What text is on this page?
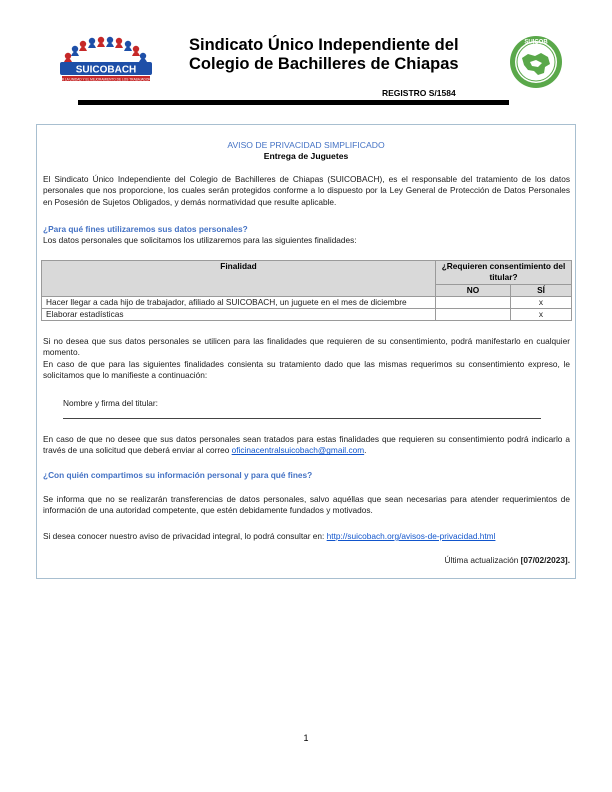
SUICOBACH
"POR LA UNIDAD Y EL MEJORAMIENTO DE LOS TRABAJADORES"
Sindicato Único Independiente del
Colegio de Bachilleres de Chiapas
SUICOB
REGISTRO S/1584
AVISO DE PRIVACIDAD SIMPLIFICADO
Entrega de Juguetes
El Sindicato Único Independiente del Colegio de Bachilleres de Chiapas (SUICOBACH), es el responsable del tratamiento de los datos personales que nos proporcione, los cuales serán protegidos conforme a lo dispuesto por la Ley General de Protección de Datos Personales en Posesión de Sujetos Obligados, y demás normatividad que resulte aplicable.
¿Para qué fines utilizaremos sus datos personales?
Los datos personales que solicitamos los utilizaremos para las siguientes finalidades:
Finalidad	¿Requieren consentimiento del titular?	
	NO	SÍ
Hacer llegar a cada hijo de trabajador, afiliado al SUICOBACH, un juguete en el mes de diciembre		x
Elaborar estadísticas		x
Si no desea que sus datos personales se utilicen para las finalidades que requieren de su consentimiento, podrá manifestarlo en cualquier momento.
En caso de que para las siguientes finalidades consienta su tratamiento dado que las mismas requerimos su consentimiento expreso, le solicitamos que lo manifieste a continuación:
Nombre y firma del titular:
En caso de que no desee que sus datos personales sean tratados para estas finalidades que requieren su consentimiento podrá indicarlo a través de una solicitud que deberá enviar al correo oficinacentralsuicobach@gmail.com.
¿Con quién compartimos su información personal y para qué fines?
Se informa que no se realizarán transferencias de datos personales, salvo aquéllas que sean necesarias para atender requerimientos de información de una autoridad competente, que estén debidamente fundados y motivados.
Si desea conocer nuestro aviso de privacidad integral, lo podrá consultar en: http://suicobach.org/avisos-de-privacidad.html
Última actualización [07/02/2023].
1
